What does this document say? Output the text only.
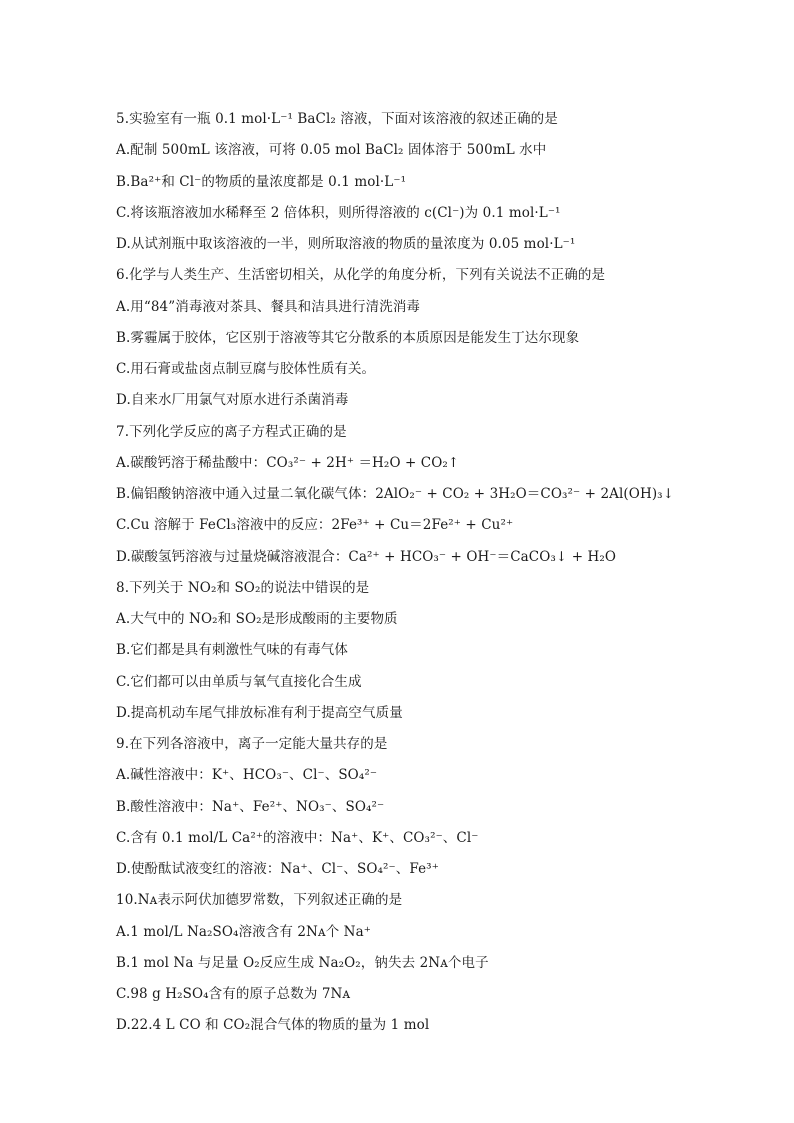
5.实验室有一瓶 0.1 mol·L⁻¹ BaCl₂ 溶液，下面对该溶液的叙述正确的是
A.配制 500mL 该溶液，可将 0.05 mol BaCl₂ 固体溶于 500mL 水中
B.Ba²⁺和 Cl⁻的物质的量浓度都是 0.1 mol·L⁻¹
C.将该瓶溶液加水稀释至 2 倍体积，则所得溶液的 c(Cl⁻)为 0.1 mol·L⁻¹
D.从试剂瓶中取该溶液的一半，则所取溶液的物质的量浓度为 0.05 mol·L⁻¹
6.化学与人类生产、生活密切相关，从化学的角度分析，下列有关说法不正确的是
A.用“84”消毒液对茶具、餐具和洁具进行清洗消毒
B.雾霾属于胶体，它区别于溶液等其它分散系的本质原因是能发生丁达尔现象
C.用石膏或盐卤点制豆腐与胶体性质有关。
D.自来水厂用氯气对原水进行杀菌消毒
7.下列化学反应的离子方程式正确的是
A.碳酸钙溶于稀盐酸中：CO₃²⁻ + 2H⁺ ＝H₂O + CO₂↑
B.偏铝酸钠溶液中通入过量二氧化碳气体：2AlO₂⁻ + CO₂ + 3H₂O＝CO₃²⁻ + 2Al(OH)₃↓
C.Cu 溶解于 FeCl₃溶液中的反应：2Fe³⁺ + Cu＝2Fe²⁺ + Cu²⁺
D.碳酸氢钙溶液与过量烧碱溶液混合：Ca²⁺ + HCO₃⁻ + OH⁻＝CaCO₃↓ + H₂O
8.下列关于 NO₂和 SO₂的说法中错误的是
A.大气中的 NO₂和 SO₂是形成酸雨的主要物质
B.它们都是具有刺激性气味的有毒气体
C.它们都可以由单质与氧气直接化合生成
D.提高机动车尾气排放标准有利于提高空气质量
9.在下列各溶液中，离子一定能大量共存的是
A.碱性溶液中：K⁺、HCO₃⁻、Cl⁻、SO₄²⁻
B.酸性溶液中：Na⁺、Fe²⁺、NO₃⁻、SO₄²⁻
C.含有 0.1 mol/L Ca²⁺的溶液中：Na⁺、K⁺、CO₃²⁻、Cl⁻
D.使酚酞试液变红的溶液：Na⁺、Cl⁻、SO₄²⁻、Fe³⁺
10.Nᴀ表示阿伏加德罗常数，下列叙述正确的是
A.1 mol/L Na₂SO₄溶液含有 2Nᴀ个 Na⁺
B.1 mol Na 与足量 O₂反应生成 Na₂O₂，钠失去 2Nᴀ个电子
C.98 g H₂SO₄含有的原子总数为 7Nᴀ
D.22.4 L CO 和 CO₂混合气体的物质的量为 1 mol
